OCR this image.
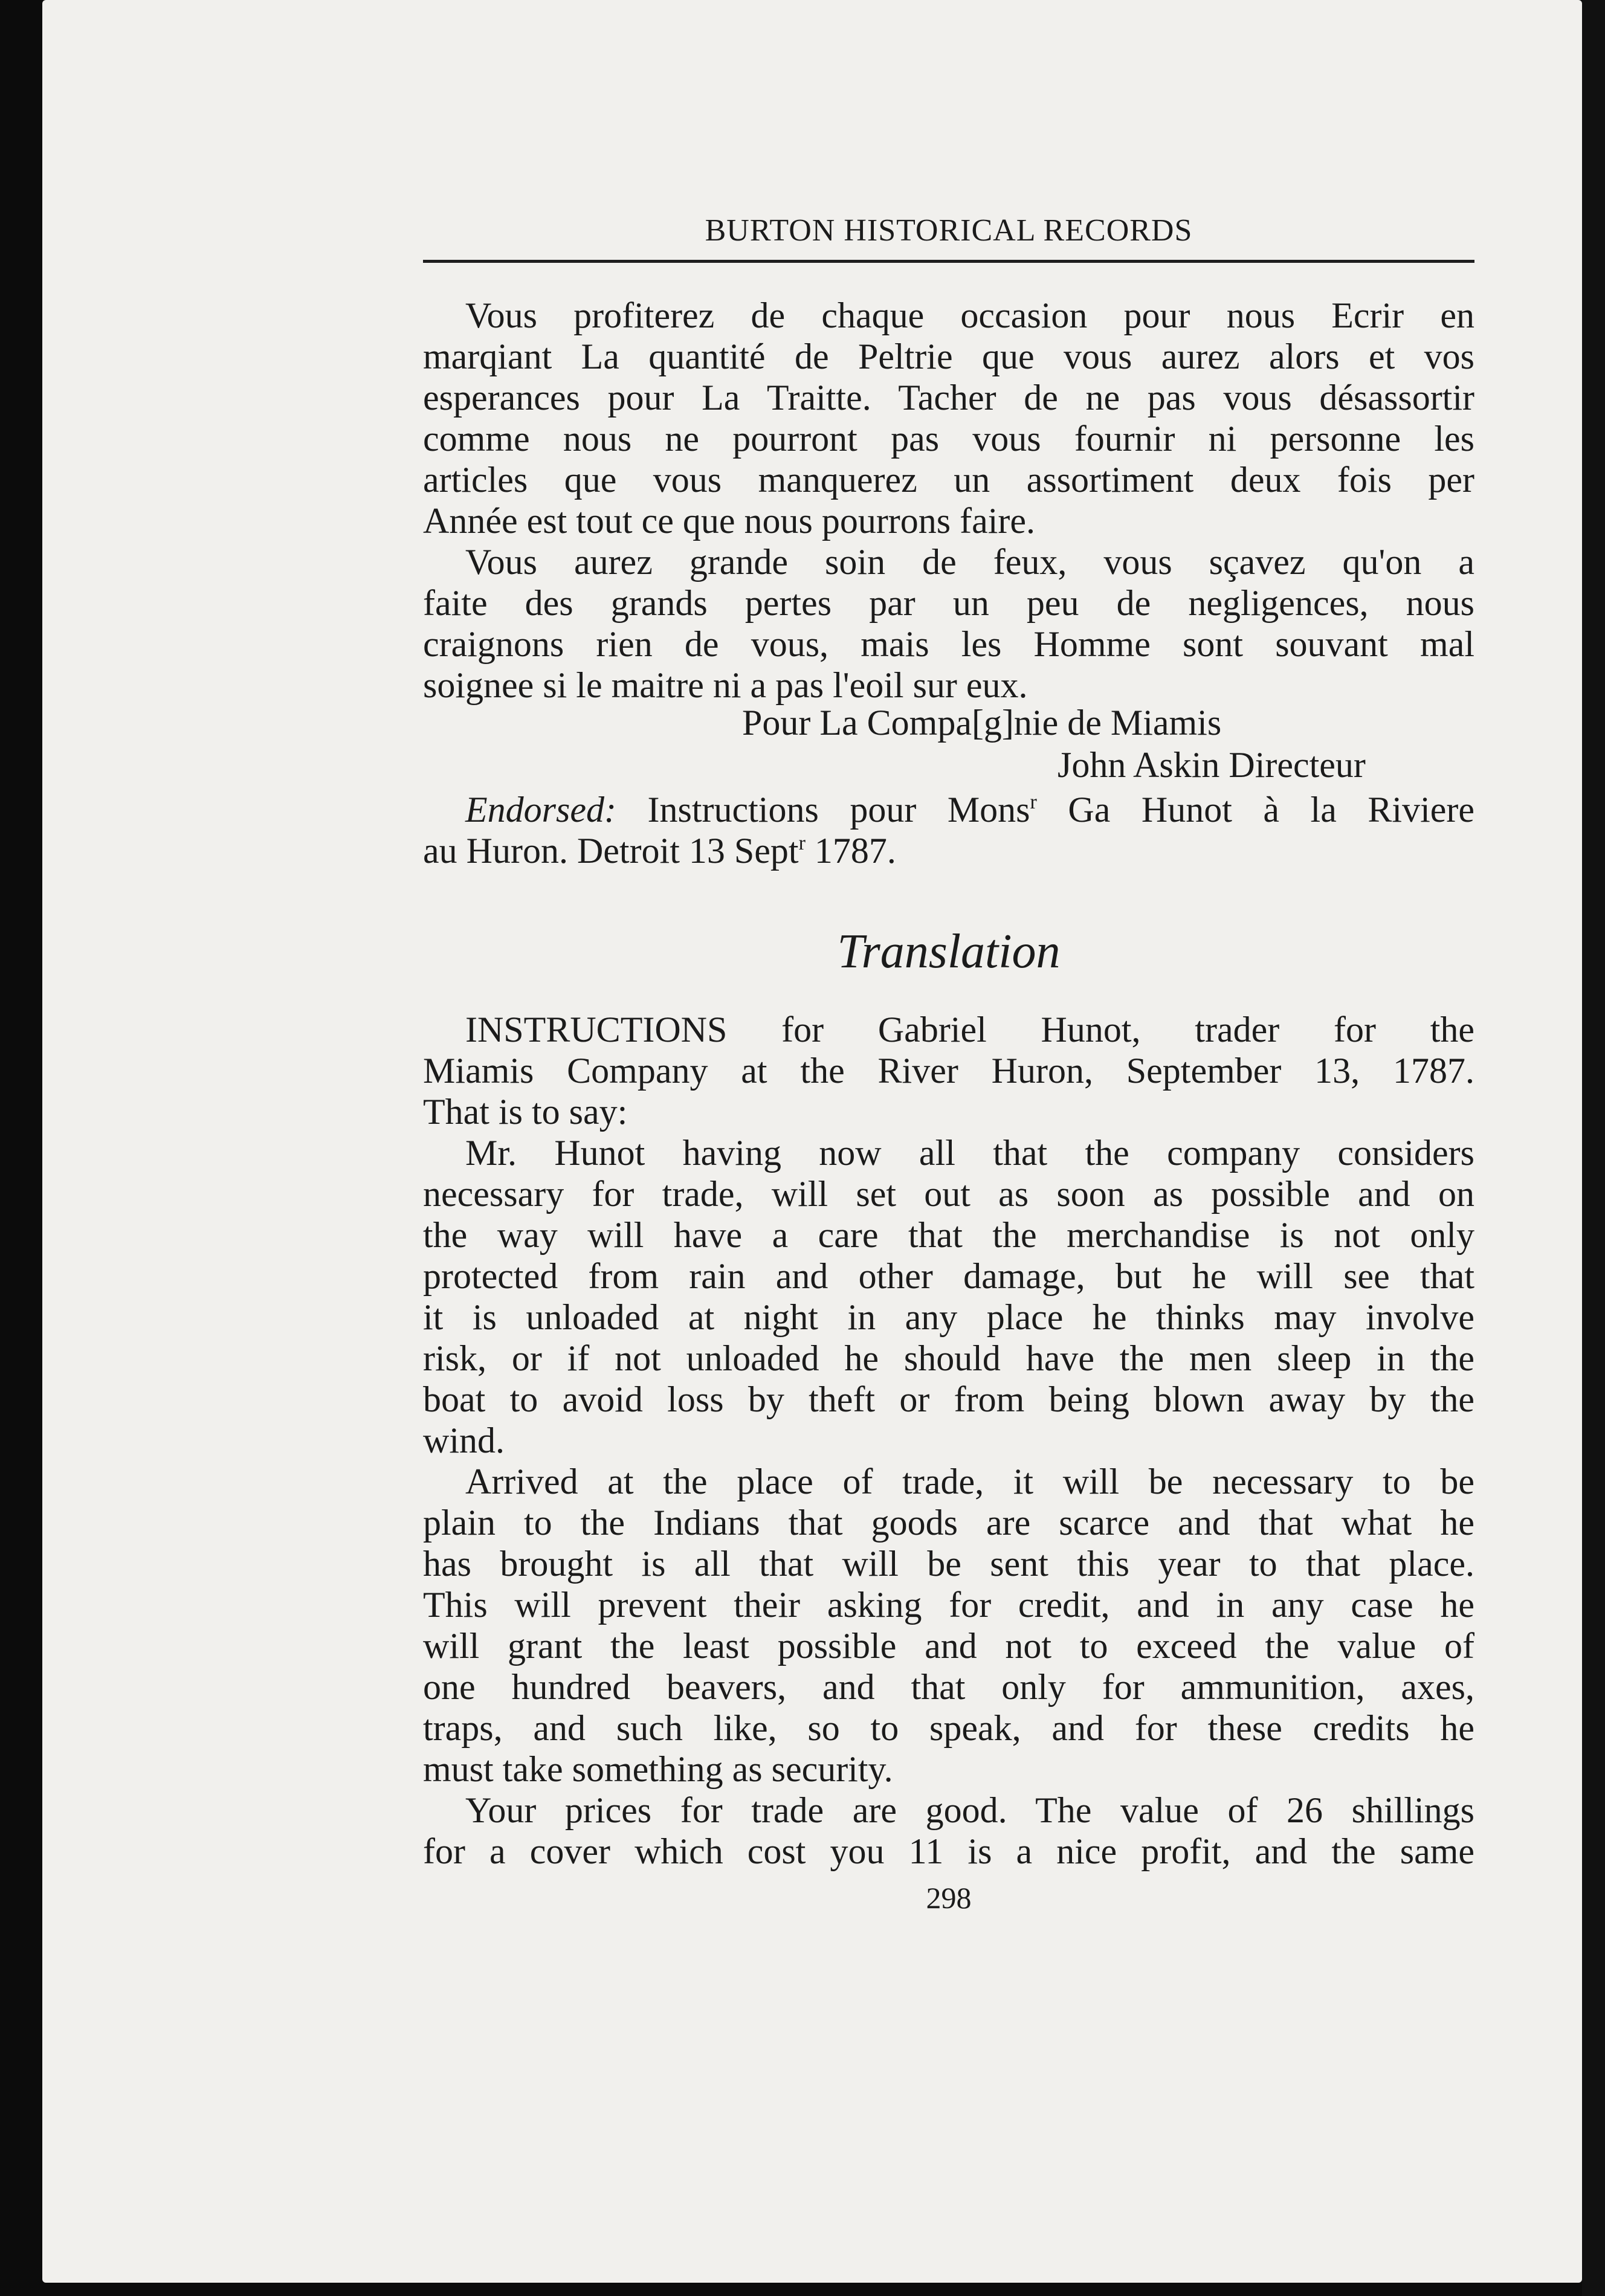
BURTON HISTORICAL RECORDS
Vous profiterez de chaque occasion pour nous Ecrir en
marqiant La quantité de Peltrie que vous aurez alors et vos
esperances pour La Traitte. Tacher de ne pas vous désassortir
comme nous ne pourront pas vous fournir ni personne les
articles que vous manquerez un assortiment deux fois per
Année est tout ce que nous pourrons faire.
Vous aurez grande soin de feux, vous sçavez qu'on a
faite des grands pertes par un peu de negligences, nous
craignons rien de vous, mais les Homme sont souvant mal
soignee si le maitre ni a pas l'eoil sur eux.
Pour La Compa[g]nie de Miamis
John Askin Directeur
Endorsed: Instructions pour Mons$^r$ Ga Hunot à la Riviere
au Huron. Detroit 13 Sept$^r$ 1787.
Translation
INSTRUCTIONS for Gabriel Hunot, trader for the
Miamis Company at the River Huron, September 13, 1787.
That is to say:
Mr. Hunot having now all that the company considers
necessary for trade, will set out as soon as possible and on
the way will have a care that the merchandise is not only
protected from rain and other damage, but he will see that
it is unloaded at night in any place he thinks may involve
risk, or if not unloaded he should have the men sleep in the
boat to avoid loss by theft or from being blown away by the
wind.
Arrived at the place of trade, it will be necessary to be
plain to the Indians that goods are scarce and that what he
has brought is all that will be sent this year to that place.
This will prevent their asking for credit, and in any case he
will grant the least possible and not to exceed the value of
one hundred beavers, and that only for ammunition, axes,
traps, and such like, so to speak, and for these credits he
must take something as security.
Your prices for trade are good. The value of 26 shillings
for a cover which cost you 11 is a nice profit, and the same
298
